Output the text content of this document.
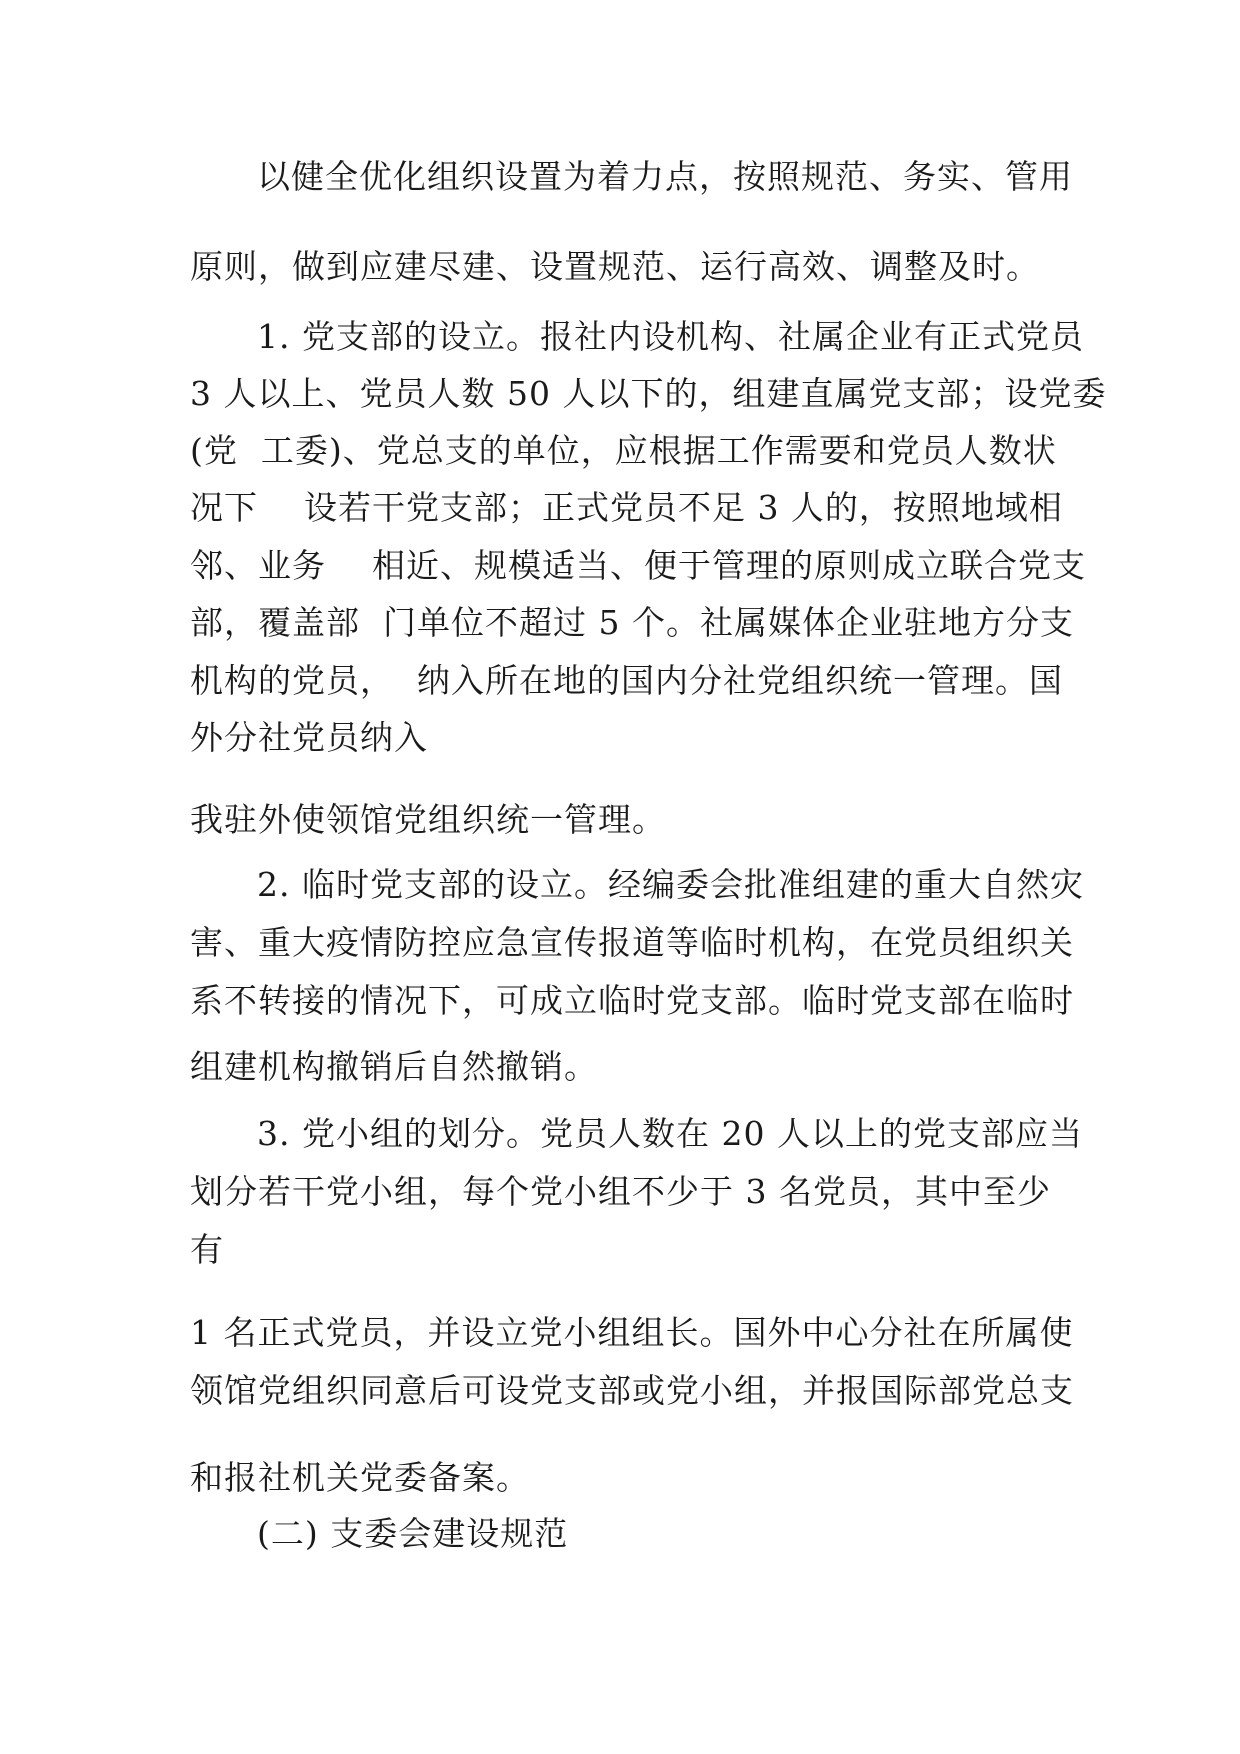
以健全优化组织设置为着力点，按照规范、务实、管用
原则，做到应建尽建、设置规范、运行高效、调整及时。
1. 党支部的设立。报社内设机构、社属企业有正式党员
3 人以上、党员人数 50 人以下的，组建直属党支部；设党委
(党  工委)、党总支的单位，应根据工作需要和党员人数状
况下    设若干党支部；正式党员不足 3 人的，按照地域相
邻、业务    相近、规模适当、便于管理的原则成立联合党支
部，覆盖部  门单位不超过 5 个。社属媒体企业驻地方分支
机构的党员，  纳入所在地的国内分社党组织统一管理。国
外分社党员纳入
我驻外使领馆党组织统一管理。
2. 临时党支部的设立。经编委会批准组建的重大自然灾
害、重大疫情防控应急宣传报道等临时机构，在党员组织关
系不转接的情况下，可成立临时党支部。临时党支部在临时
组建机构撤销后自然撤销。
3. 党小组的划分。党员人数在 20 人以上的党支部应当
划分若干党小组，每个党小组不少于 3 名党员，其中至少
有
1 名正式党员，并设立党小组组长。国外中心分社在所属使
领馆党组织同意后可设党支部或党小组，并报国际部党总支
和报社机关党委备案。
(二) 支委会建设规范
